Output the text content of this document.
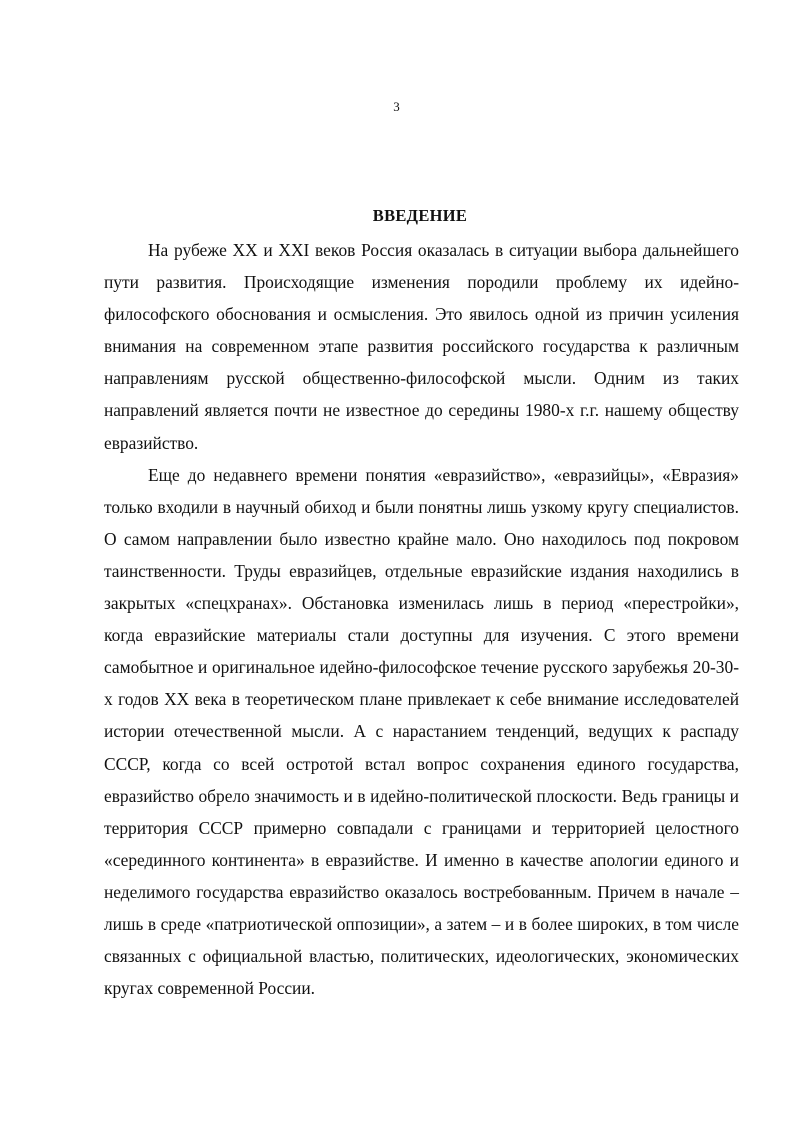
3
ВВЕДЕНИЕ

На рубеже XX и XXI веков Россия оказалась в ситуации выбора дальнейшего пути развития. Происходящие изменения породили проблему их идейно-философского обоснования и осмысления. Это явилось одной из причин усиления внимания на современном этапе развития российского государства к различным направлениям русской общественно-философской мысли. Одним из таких направлений является почти не известное до середины 1980-х г.г. нашему обществу евразийство.

Еще до недавнего времени понятия «евразийство», «евразийцы», «Евразия» только входили в научный обиход и были понятны лишь узкому кругу специалистов. О самом направлении было известно крайне мало. Оно находилось под покровом таинственности. Труды евразийцев, отдельные евразийские издания находились в закрытых «спецхранах». Обстановка изменилась лишь в период «перестройки», когда евразийские материалы стали доступны для изучения. С этого времени самобытное и оригинальное идейно-философское течение русского зарубежья 20-30-х годов XX века в теоретическом плане привлекает к себе внимание исследователей истории отечественной мысли. А с нарастанием тенденций, ведущих к распаду СССР, когда со всей остротой встал вопрос сохранения единого государства, евразийство обрело значимость и в идейно-политической плоскости. Ведь границы и территория СССР примерно совпадали с границами и территорией целостного «серединного континента» в евразийстве. И именно в качестве апологии единого и неделимого государства евразийство оказалось востребованным. Причем в начале – лишь в среде «патриотической оппозиции», а затем – и в более широких, в том числе связанных с официальной властью, политических, идеологических, экономических кругах современной России.
